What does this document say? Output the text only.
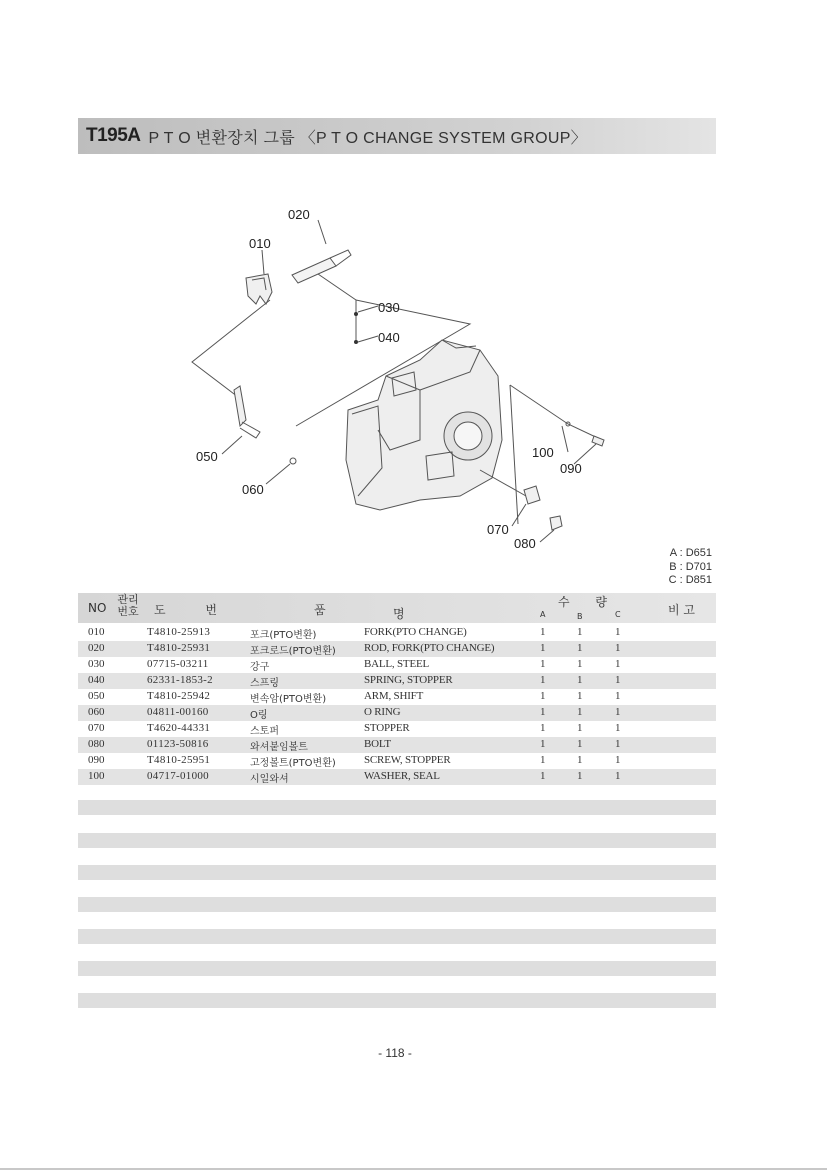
T195A P T O 변환장치 그룹 〈P T O CHANGE SYSTEM GROUP〉
020
010
030
040
050
060
100
090
070
080
A : D651
B : D701
C : D851
NO
관리
번호 도 번	품	명
수 량
A	B	C	비 고
010	T4810-25913	포크(PTO변환)	FORK(PTO CHANGE)	1	1	1
020	T4810-25931	포크로드(PTO변환)	ROD, FORK(PTO CHANGE)	1	1	1
030	07715-03211	강구	BALL, STEEL	1	1	1
040	62331-1853-2	스프링	SPRING, STOPPER	1	1	1
050	T4810-25942	변속암(PTO변환)	ARM, SHIFT	1	1	1
060	04811-00160	O링	O RING	1	1	1
070	T4620-44331	스토퍼	STOPPER	1	1	1
080	01123-50816	와셔붙임볼트	BOLT	1	1	1
090	T4810-25951	고정볼트(PTO변환)	SCREW, STOPPER	1	1	1
100	04717-01000	시일와셔	WASHER, SEAL	1	1	1
- 118 -
